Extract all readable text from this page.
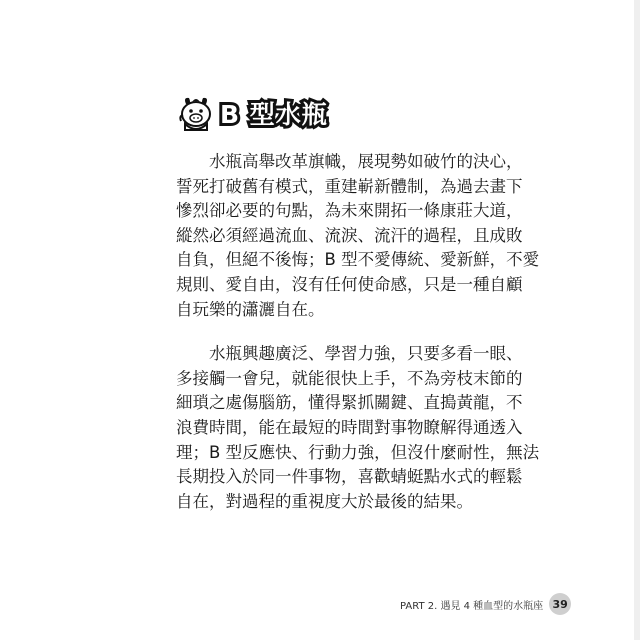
B 型水瓶
水瓶高舉改革旗幟，展現勢如破竹的決心，
誓死打破舊有模式，重建嶄新體制，為過去畫下
慘烈卻必要的句點，為未來開拓一條康莊大道，
縱然必須經過流血、流淚、流汗的過程，且成敗
自負，但絕不後悔；B 型不愛傳統、愛新鮮，不愛
規則、愛自由，沒有任何使命感，只是一種自顧
自玩樂的瀟灑自在。
水瓶興趣廣泛、學習力強，只要多看一眼、
多接觸一會兒，就能很快上手，不為旁枝末節的
細瑣之處傷腦筋，懂得緊抓關鍵、直搗黃龍，不
浪費時間，能在最短的時間對事物瞭解得通透入
理；B 型反應快、行動力強，但沒什麼耐性，無法
長期投入於同一件事物，喜歡蜻蜓點水式的輕鬆
自在，對過程的重視度大於最後的結果。
PART 2. 遇見 4 種血型的水瓶座 39
